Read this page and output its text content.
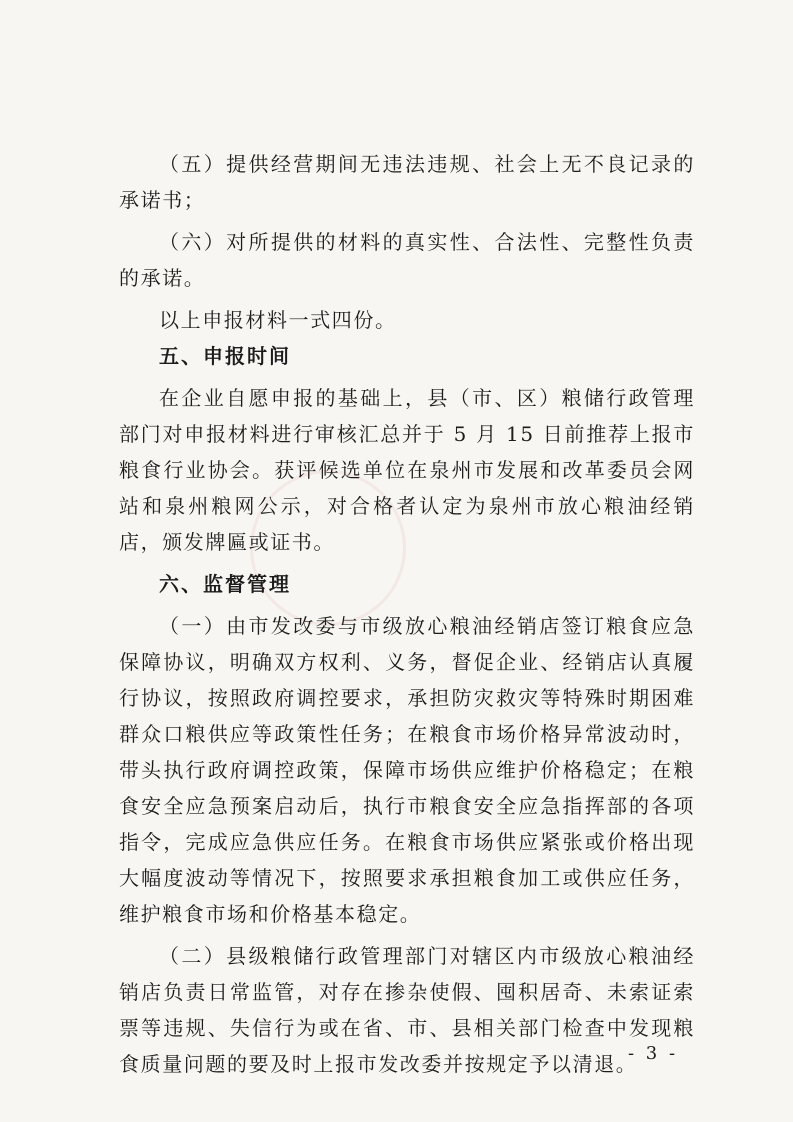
（五）提供经营期间无违法违规、社会上无不良记录的承诺书；

（六）对所提供的材料的真实性、合法性、完整性负责的承诺。

以上申报材料一式四份。

五、申报时间

在企业自愿申报的基础上，县（市、区）粮储行政管理部门对申报材料进行审核汇总并于 5 月 15 日前推荐上报市粮食行业协会。获评候选单位在泉州市发展和改革委员会网站和泉州粮网公示，对合格者认定为泉州市放心粮油经销店，颁发牌匾或证书。

六、监督管理

（一）由市发改委与市级放心粮油经销店签订粮食应急保障协议，明确双方权利、义务，督促企业、经销店认真履行协议，按照政府调控要求，承担防灾救灾等特殊时期困难群众口粮供应等政策性任务；在粮食市场价格异常波动时，带头执行政府调控政策，保障市场供应维护价格稳定；在粮食安全应急预案启动后，执行市粮食安全应急指挥部的各项指令，完成应急供应任务。在粮食市场供应紧张或价格出现大幅度波动等情况下，按照要求承担粮食加工或供应任务，维护粮食市场和价格基本稳定。

（二）县级粮储行政管理部门对辖区内市级放心粮油经销店负责日常监管，对存在掺杂使假、囤积居奇、未索证索票等违规、失信行为或在省、市、县相关部门检查中发现粮食质量问题的要及时上报市发改委并按规定予以清退。

- 3 -
